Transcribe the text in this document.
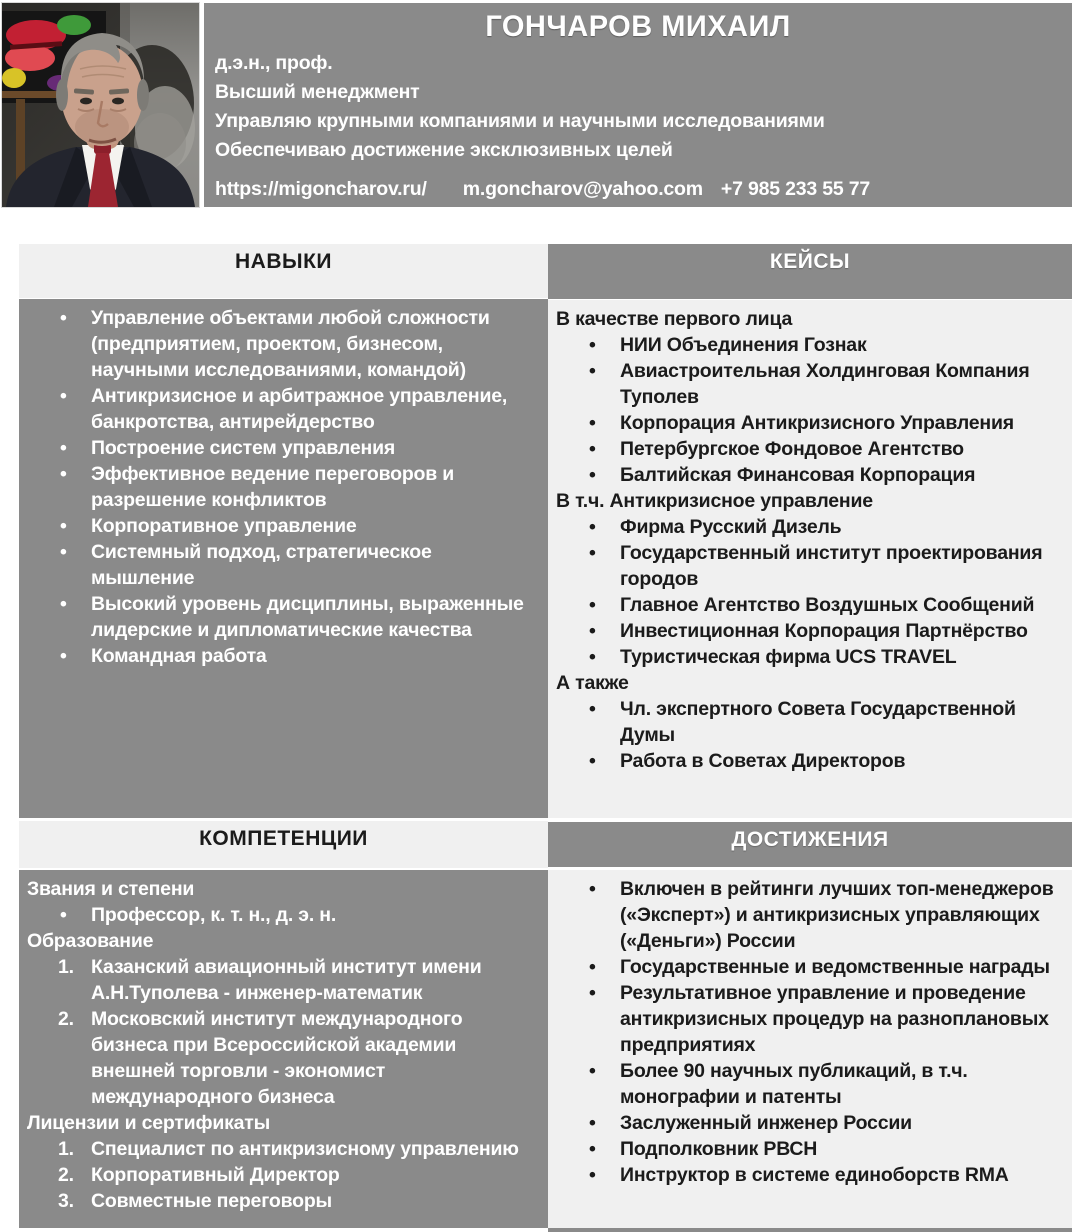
ГОНЧАРОВ МИХАИЛ
д.э.н., проф.
Высший менеджмент
Управляю крупными компаниями и научными исследованиями
Обеспечиваю достижение эксклюзивных целей
https://migoncharov.ru/ m.goncharov@yahoo.com +7 985 233 55 77
НАВЫКИ	КЕЙСЫ
•	Управление объектами любой сложности (предприятием, проектом, бизнесом, научными исследованиями, командой)
•	Антикризисное и арбитражное управление, банкротства, антирейдерство
•	Построение систем управления
•	Эффективное ведение переговоров и разрешение конфликтов
•	Корпоративное управление
•	Системный подход, стратегическое мышление
•	Высокий уровень дисциплины, выраженные лидерские и дипломатические качества
•	Командная работа
В качестве первого лица
•	НИИ Объединения Гознак
•	Авиастроительная Холдинговая Компания Туполев
•	Корпорация Антикризисного Управления
•	Петербургское Фондовое Агентство
•	Балтийская Финансовая Корпорация
В т.ч. Антикризисное управление
•	Фирма Русский Дизель
•	Государственный институт проектирования городов
•	Главное Агентство Воздушных Сообщений
•	Инвестиционная Корпорация Партнёрство
•	Туристическая фирма UCS TRAVEL
А также
•	Чл. экспертного Совета Государственной Думы
•	Работа в Советах Директоров
КОМПЕТЕНЦИИ	ДОСТИЖЕНИЯ
Звания и степени
•	Профессор, к. т. н., д. э. н.
Образование
1. Казанский авиационный институт имени А.Н.Туполева - инженер-математик
2. Московский институт международного бизнеса при Всероссийской академии внешней торговли - экономист международного бизнеса
Лицензии и сертификаты
1. Специалист по антикризисному управлению
2. Корпоративный Директор
3. Совместные переговоры
•	Включен в рейтинги лучших топ-менеджеров («Эксперт») и антикризисных управляющих («Деньги») России
•	Государственные и ведомственные награды
•	Результативное управление и проведение антикризисных процедур на разноплановых предприятиях
•	Более 90 научных публикаций, в т.ч. монографии и патенты
•	Заслуженный инженер России
•	Подполковник РВСН
•	Инструктор в системе единоборств RMA
